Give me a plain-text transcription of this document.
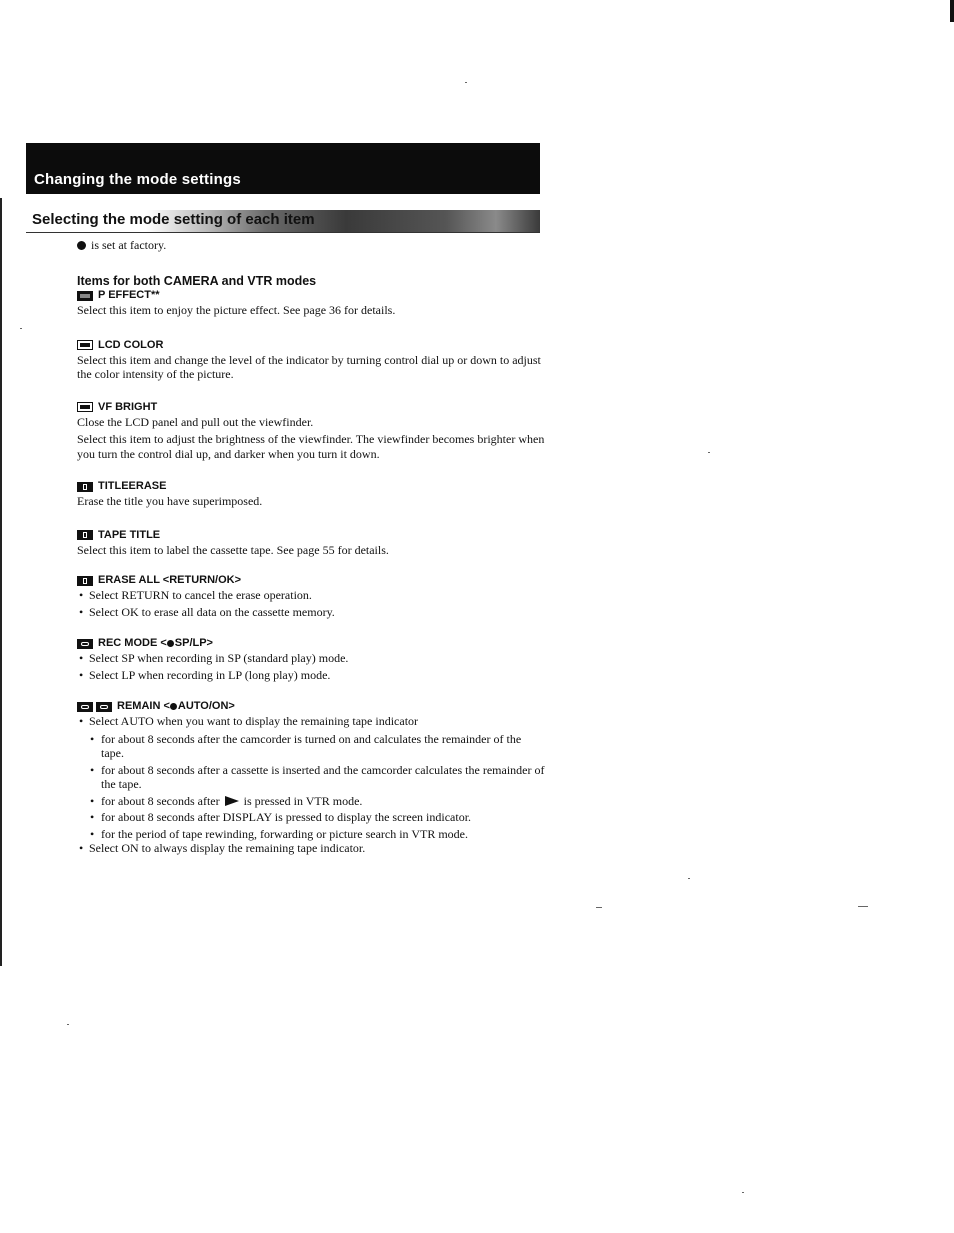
Changing the mode settings
Selecting the mode setting of each item
is set at factory.
Items for both CAMERA and VTR modes
P EFFECT**

Select this item to enjoy the picture effect. See page 36 for details.

LCD COLOR

Select this item and change the level of the indicator by turning control dial up or down to adjust the color intensity of the picture.

VF BRIGHT

Close the LCD panel and pull out the viewfinder.

Select this item to adjust the brightness of the viewfinder. The viewfinder becomes brighter when you turn the control dial up, and darker when you turn it down.

TITLEERASE

Erase the title you have superimposed.

TAPE TITLE

Select this item to label the cassette tape. See page 55 for details.

ERASE ALL <RETURN/OK>
• Select RETURN to cancel the erase operation.
• Select OK to erase all data on the cassette memory.
REC MODE < SP/LP>
• Select SP when recording in SP (standard play) mode.
• Select LP when recording in LP (long play) mode.
REMAIN < AUTO/ON>
• Select AUTO when you want to display the remaining tape indicator
• for about 8 seconds after the camcorder is turned on and calculates the remainder of the tape.
• for about 8 seconds after a cassette is inserted and the camcorder calculates the remainder of the tape.
• for about 8 seconds after is pressed in VTR mode.
• for about 8 seconds after DISPLAY is pressed to display the screen indicator.
• for the period of tape rewinding, forwarding or picture search in VTR mode.
• Select ON to always display the remaining tape indicator.
